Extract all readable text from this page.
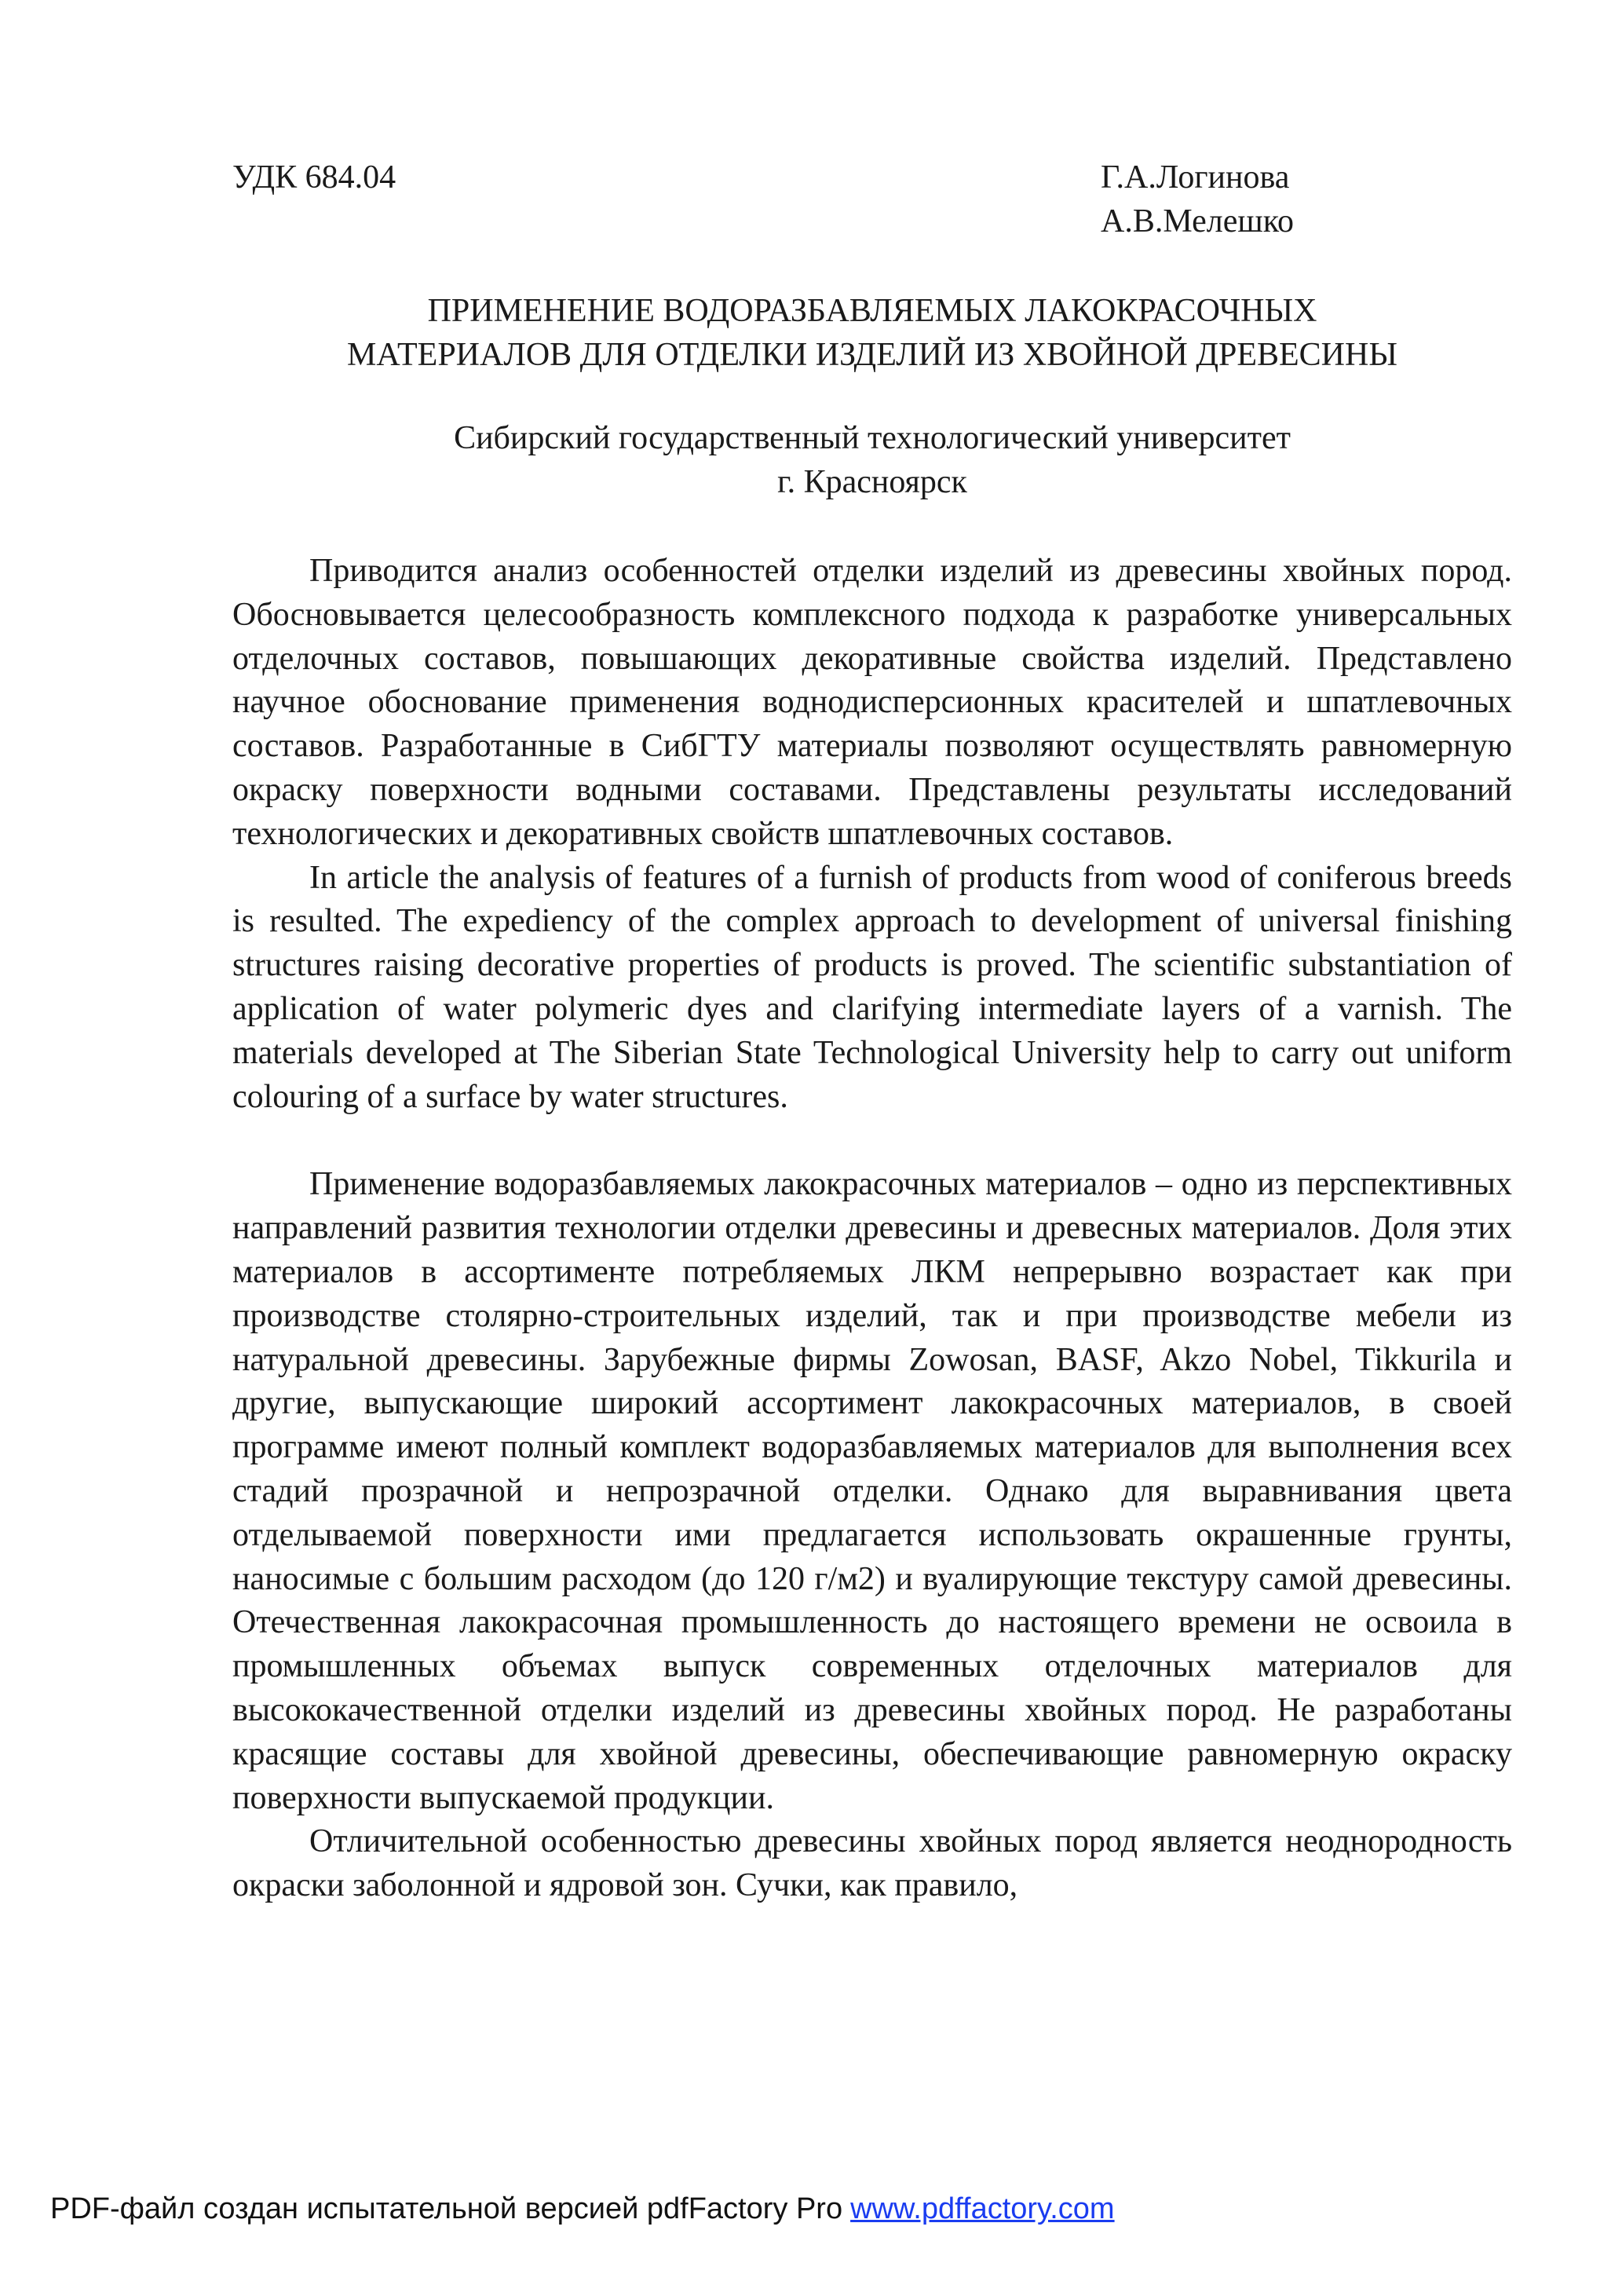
УДК 684.04	Г.А.Логинова
А.В.Мелешко
ПРИМЕНЕНИЕ ВОДОРАЗБАВЛЯЕМЫХ ЛАКОКРАСОЧНЫХ
МАТЕРИАЛОВ ДЛЯ ОТДЕЛКИ ИЗДЕЛИЙ ИЗ ХВОЙНОЙ ДРЕВЕСИНЫ
Сибирский государственный технологический университет
г. Красноярск

Приводится анализ особенностей отделки изделий из древесины хвойных пород. Обосновывается целесообразность комплексного подхода к разработке универсальных отделочных составов, повышающих декоративные свойства изделий. Представлено научное обоснование применения воднодисперсионных красителей и шпатлевочных составов. Разработанные в СибГТУ материалы позволяют осуществлять равномерную окраску поверхности водными составами. Представлены результаты исследований технологических и декоративных свойств шпатлевочных составов.

In article the analysis of features of a furnish of products from wood of coniferous breeds is resulted. The expediency of the complex approach to development of universal finishing structures raising decorative properties of products is proved. The scientific substantiation of application of water polymeric dyes and clarifying intermediate layers of a varnish. The materials developed at The Siberian State Technological University help to carry out uniform colouring of a surface by water structures.

Применение водоразбавляемых лакокрасочных материалов – одно из перспективных направлений развития технологии отделки древесины и древесных материалов. Доля этих материалов в ассортименте потребляемых ЛКМ непрерывно возрастает как при производстве столярно-строительных изделий, так и при производстве мебели из натуральной древесины. Зарубежные фирмы Zowosan, BASF, Akzo Nobel, Tikkurila и другие, выпускающие широкий ассортимент лакокрасочных материалов, в своей программе имеют полный комплект водоразбавляемых материалов для выполнения всех стадий прозрачной и непрозрачной отделки. Однако для выравнивания цвета отделываемой поверхности ими предлагается использовать окрашенные грунты, наносимые с большим расходом (до 120 г/м2) и вуалирующие текстуру самой древесины. Отечественная лакокрасочная промышленность до настоящего времени не освоила в промышленных объемах выпуск современных отделочных материалов для высококачественной отделки изделий из древесины хвойных пород. Не разработаны красящие составы для хвойной древесины, обеспечивающие равномерную окраску поверхности выпускаемой продукции.

Отличительной особенностью древесины хвойных пород является неоднородность окраски заболонной и ядровой зон. Сучки, как правило,

PDF-файл создан испытательной версией pdfFactory Pro www.pdffactory.com
